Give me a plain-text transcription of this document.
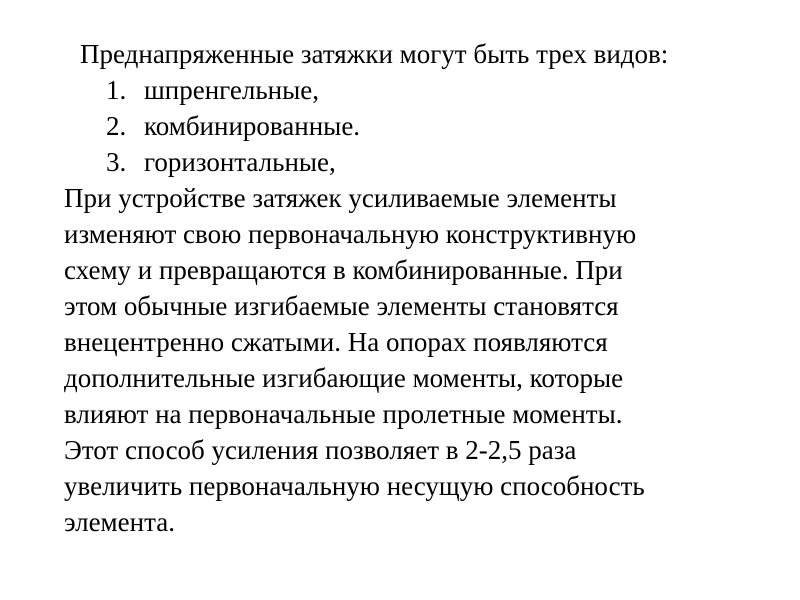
Преднапряженные затяжки могут быть трех видов:

1. шпренгельные,
2. комбинированные.
3. горизонтальные,
При устройстве затяжек усиливаемые элементы
изменяют свою первоначальную конструктивную
схему и превращаются в комбинированные. При
этом обычные изгибаемые элементы становятся
внецентренно сжатыми. На опорах появляются
дополнительные изгибающие моменты, которые
влияют на первоначальные пролетные моменты.
Этот способ усиления позволяет в 2-2,5 раза
увеличить первоначальную несущую способность
элемента.
